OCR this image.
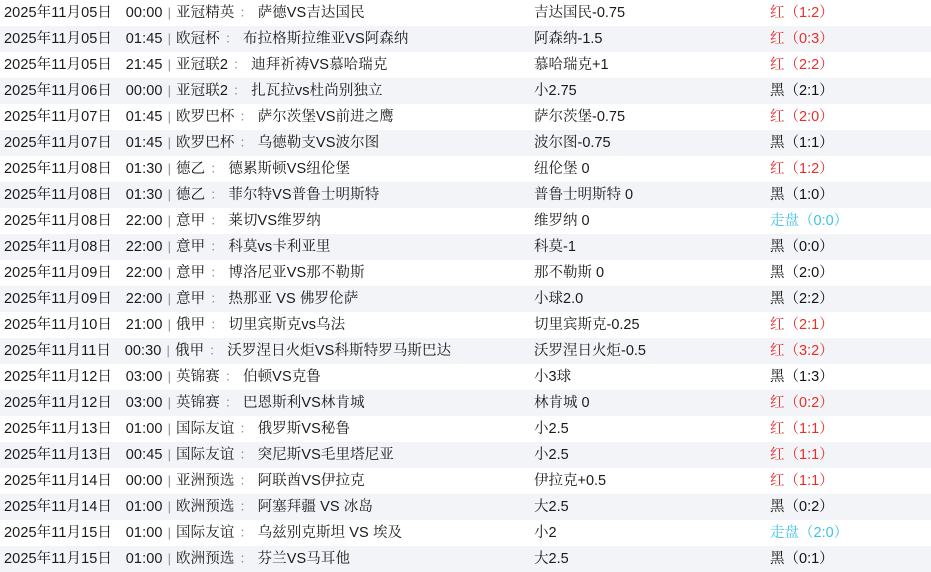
2025年11月05日 00:00 | 亚冠精英 ： 萨德VS吉达国民	吉达国民-0.75	红（1:2）
2025年11月05日 01:45 | 欧冠杯 ： 布拉格斯拉维亚VS阿森纳	阿森纳-1.5	红（0:3）
2025年11月05日 21:45 | 亚冠联2 ： 迪拜祈祷VS慕哈瑞克	慕哈瑞克+1	红（2:2）
2025年11月06日 00:00 | 亚冠联2 ： 扎瓦拉vs杜尚别独立	小2.75	黑（2:1）
2025年11月07日 01:45 | 欧罗巴杯 ： 萨尔茨堡VS前进之鹰	萨尔茨堡-0.75	红（2:0）
2025年11月07日 01:45 | 欧罗巴杯 ： 乌德勒支VS波尔图	波尔图-0.75	黑（1:1）
2025年11月08日 01:30 | 德乙 ： 德累斯顿VS纽伦堡	纽伦堡 0	红（1:2）
2025年11月08日 01:30 | 德乙 ： 菲尔特VS普鲁士明斯特	普鲁士明斯特 0	黑（1:0）
2025年11月08日 22:00 | 意甲 ： 莱切VS维罗纳	维罗纳 0	走盘（0:0）
2025年11月08日 22:00 | 意甲 ： 科莫vs卡利亚里	科莫-1	黑（0:0）
2025年11月09日 22:00 | 意甲 ： 博洛尼亚VS那不勒斯	那不勒斯 0	黑（2:0）
2025年11月09日 22:00 | 意甲 ： 热那亚 VS 佛罗伦萨	小球2.0	黑（2:2）
2025年11月10日 21:00 | 俄甲 ： 切里宾斯克vs乌法	切里宾斯克-0.25	红（2:1）
2025年11月11日 00:30 | 俄甲 ： 沃罗涅日火炬VS科斯特罗马斯巴达	沃罗涅日火炬-0.5	红（3:2）
2025年11月12日 03:00 | 英锦赛 ： 伯顿VS克鲁	小3球	黑（1:3）
2025年11月12日 03:00 | 英锦赛 ： 巴恩斯利VS林肯城	林肯城 0	红（0:2）
2025年11月13日 01:00 | 国际友谊 ： 俄罗斯VS秘鲁	小2.5	红（1:1）
2025年11月13日 00:45 | 国际友谊 ： 突尼斯VS毛里塔尼亚	小2.5	红（1:1）
2025年11月14日 00:00 | 亚洲预选 ： 阿联酋VS伊拉克	伊拉克+0.5	红（1:1）
2025年11月14日 01:00 | 欧洲预选 ： 阿塞拜疆 VS 冰岛	大2.5	黑（0:2）
2025年11月15日 01:00 | 国际友谊 ： 乌兹别克斯坦 VS 埃及	小2	走盘（2:0）
2025年11月15日 01:00 | 欧洲预选 ： 芬兰VS马耳他	大2.5	黑（0:1）
